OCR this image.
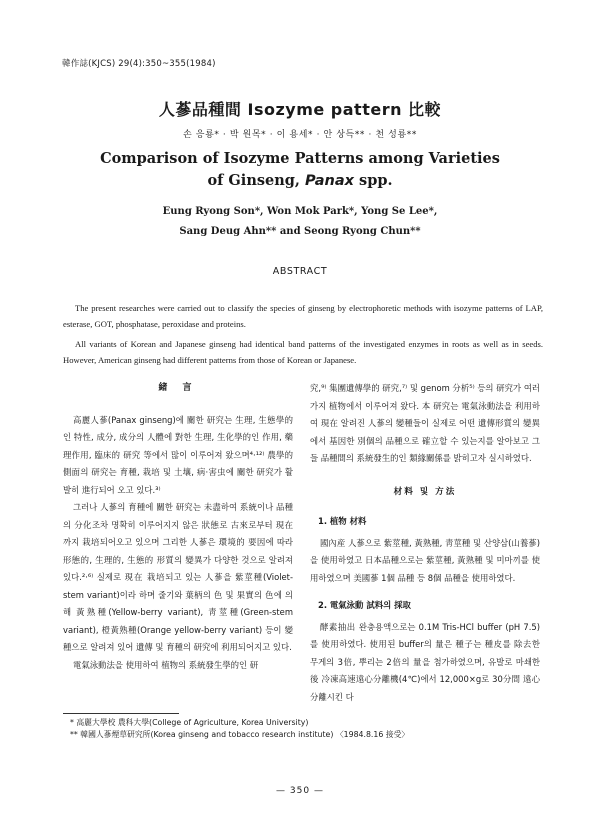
韓作誌(KJCS) 29(4):350~355(1984)
人蔘品種間 Isozyme pattern 比較
손 응룡* · 박 원목* · 이 용세* · 안 상득** · 천 성룡**
Comparison of Isozyme Patterns among Varieties
of Ginseng, Panax spp.
Eung Ryong Son*, Won Mok Park*, Yong Se Lee*,
Sang Deug Ahn** and Seong Ryong Chun**
ABSTRACT

The present researches were carried out to classify the species of ginseng by electrophoretic methods with isozyme patterns of LAP, esterase, GOT, phosphatase, peroxidase and proteins.

All variants of Korean and Japanese ginseng had identical band patterns of the investigated enzymes in roots as well as in seeds. However, American ginseng had different patterns from those of Korean or Japanese.

緒 言

高麗人蔘(Panax ginseng)에 關한 研究는 生理, 生態學的인 特性, 成分, 成分의 人體에 對한 生理, 生化學的인 作用, 藥理作用, 臨床的 研究 等에서 많이 이루어져 왔으며⁴·¹²⁾ 農學的 側面의 研究는 育種, 栽培 및 土壤, 病·害虫에 關한 研究가 활발히 進行되어 오고 있다.³⁾

그러나 人蔘의 育種에 關한 研究는 未盡하여 系統이나 品種의 分化조차 명확히 이루어지지 않은 狀態로 古來로부터 現在까지 栽培되어오고 있으며 그리한 人蔘은 環境的 要因에 따라 形態的, 生理的, 生態的 形質의 變異가 다양한 것으로 알려져 있다.²·⁶⁾ 실제로 現在 栽培되고 있는 人蔘을 紫莖種(Violet-stem variant)이라 하며 줄기와 葉柄의 色 및 果實의 色에 의해 黃熟種(Yellow-berry variant), 靑莖種(Green-stem variant), 橙黃熟種(Orange yellow-berry variant) 등이 變種으로 알려져 있어 遺傳 및 育種의 研究에 利用되어지고 있다.

電氣泳動法을 使用하여 植物의 系統發生學的인 研

究,⁹⁾ 集團遺傳學的 研究,⁷⁾ 및 genom 分析⁵⁾ 등의 研究가 여러가지 植物에서 이루어져 왔다. 本 研究는 電氣泳動法을 利用하여 現在 알려진 人蔘의 變種들이 실제로 어떤 遺傳形質의 變異에서 基因한 別個의 品種으로 確立할 수 있는지를 알아보고 그들 品種間의 系統發生的인 類緣關係를 밝히고자 실시하였다.

材料 및 方法
1. 植物 材料

國內産 人蔘으로 紫莖種, 黃熟種, 靑莖種 및 산양삼(山養蔘)을 使用하였고 日本品種으로는 紫莖種, 黃熟種 및 미마끼를 使用하였으며 美國蔘 1個 品種 등 8個 品種을 使用하였다.

2. 電氣泳動 試料의 採取

酵素抽出 완충용액으로는 0.1M Tris-HCl buffer (pH 7.5)를 使用하였다. 使用된 buffer의 量은 種子는 種皮를 除去한 무게의 3倍, 뿌리는 2倍의 量을 첨가하였으며, 유발로 마쇄한 後 冷凍高速遠心分離機(4℃)에서 12,000×g로 30分間 遠心分離시킨 다

* 高麗大學校 農科大學(College of Agriculture, Korea University)
** 韓國人蔘煙草研究所(Korea ginseng and tobacco research institute) 〈1984.8.16 接受〉
— 350 —
